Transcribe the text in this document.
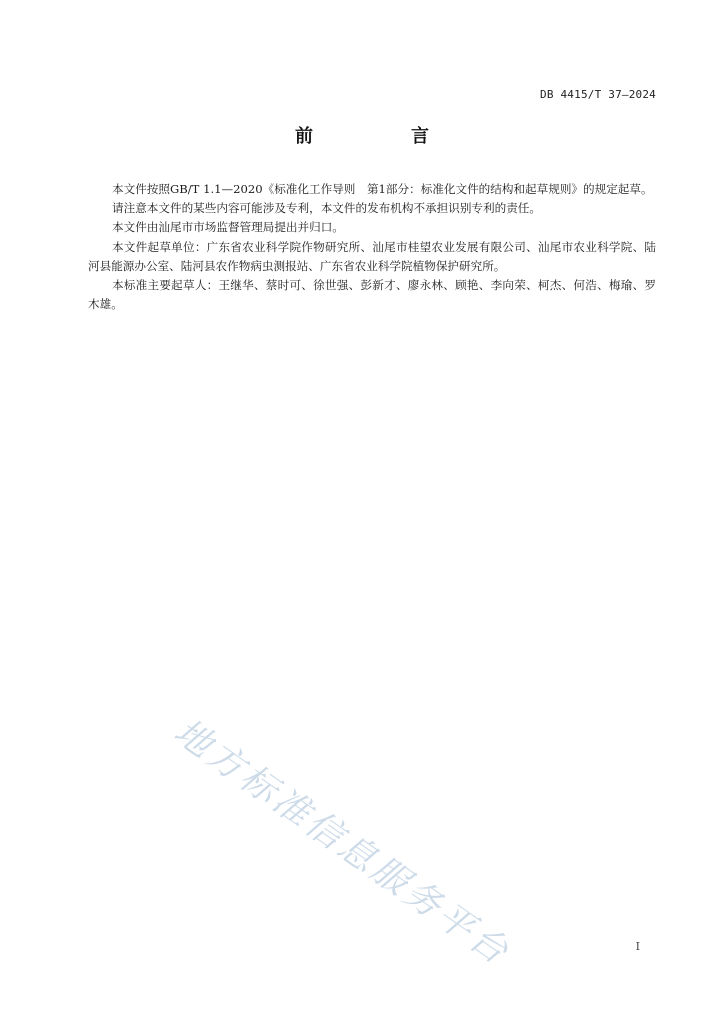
DB 4415/T 37—2024
前　言

本文件按照GB/T 1.1—2020《标准化工作导则　第1部分：标准化文件的结构和起草规则》的规定起草。

请注意本文件的某些内容可能涉及专利，本文件的发布机构不承担识别专利的责任。

本文件由汕尾市市场监督管理局提出并归口。

本文件起草单位：广东省农业科学院作物研究所、汕尾市桂望农业发展有限公司、汕尾市农业科学院、陆河县能源办公室、陆河县农作物病虫测报站、广东省农业科学院植物保护研究所。

本标准主要起草人：王继华、蔡时可、徐世强、彭新才、廖永林、顾艳、李向荣、柯杰、何浩、梅瑜、罗木雄。

地方标准信息服务平台	I
